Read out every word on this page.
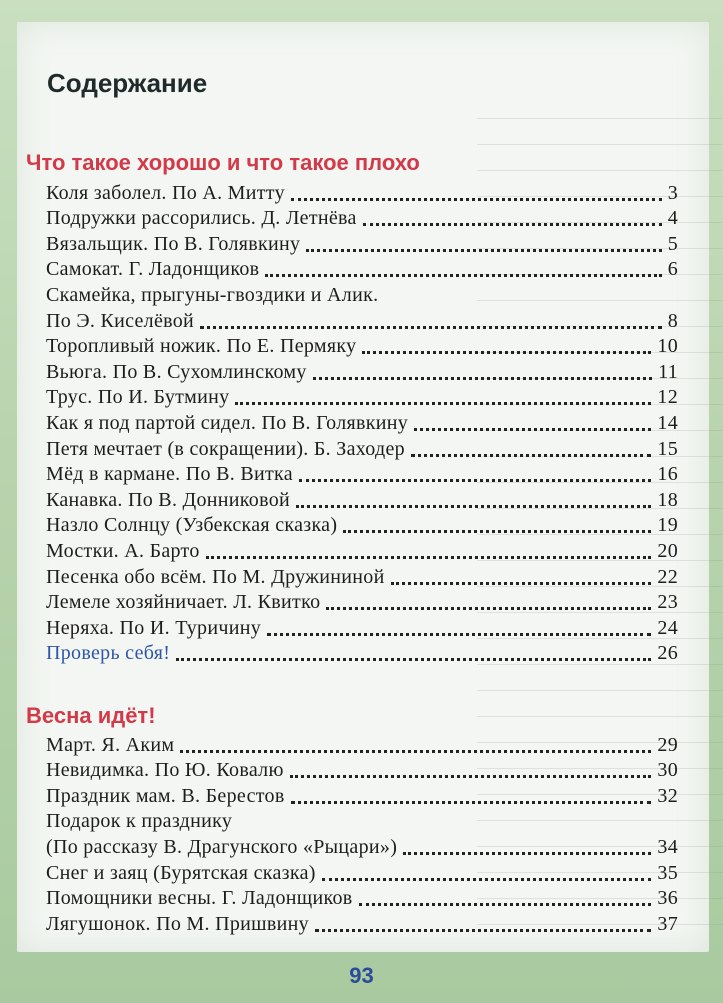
Содержание
Что такое хорошо и что такое плохо
Коля заболел. По А. Митту	3
Подружки рассорились. Д. Летнёва	4
Вязальщик. По В. Голявкину	5
Самокат. Г. Ладонщиков	6
Скамейка, прыгуны-гвоздики и Алик.
По Э. Киселёвой	8
Торопливый ножик. По Е. Пермяку	10
Вьюга. По В. Сухомлинскому	11
Трус. По И. Бутмину	12
Как я под партой сидел. По В. Голявкину	14
Петя мечтает (в сокращении). Б. Заходер	15
Мёд в кармане. По В. Витка	16
Канавка. По В. Донниковой	18
Назло Солнцу (Узбекская сказка)	19
Мостки. А. Барто	20
Песенка обо всём. По М. Дружининой	22
Лемеле хозяйничает. Л. Квитко	23
Неряха. По И. Туричину	24
Проверь себя!	26
Весна идёт!
Март. Я. Аким	29
Невидимка. По Ю. Ковалю	30
Праздник мам. В. Берестов	32
Подарок к празднику
(По рассказу В. Драгунского «Рыцари»)	34
Снег и заяц (Бурятская сказка)	35
Помощники весны. Г. Ладонщиков	36
Лягушонок. По М. Пришвину	37
93
